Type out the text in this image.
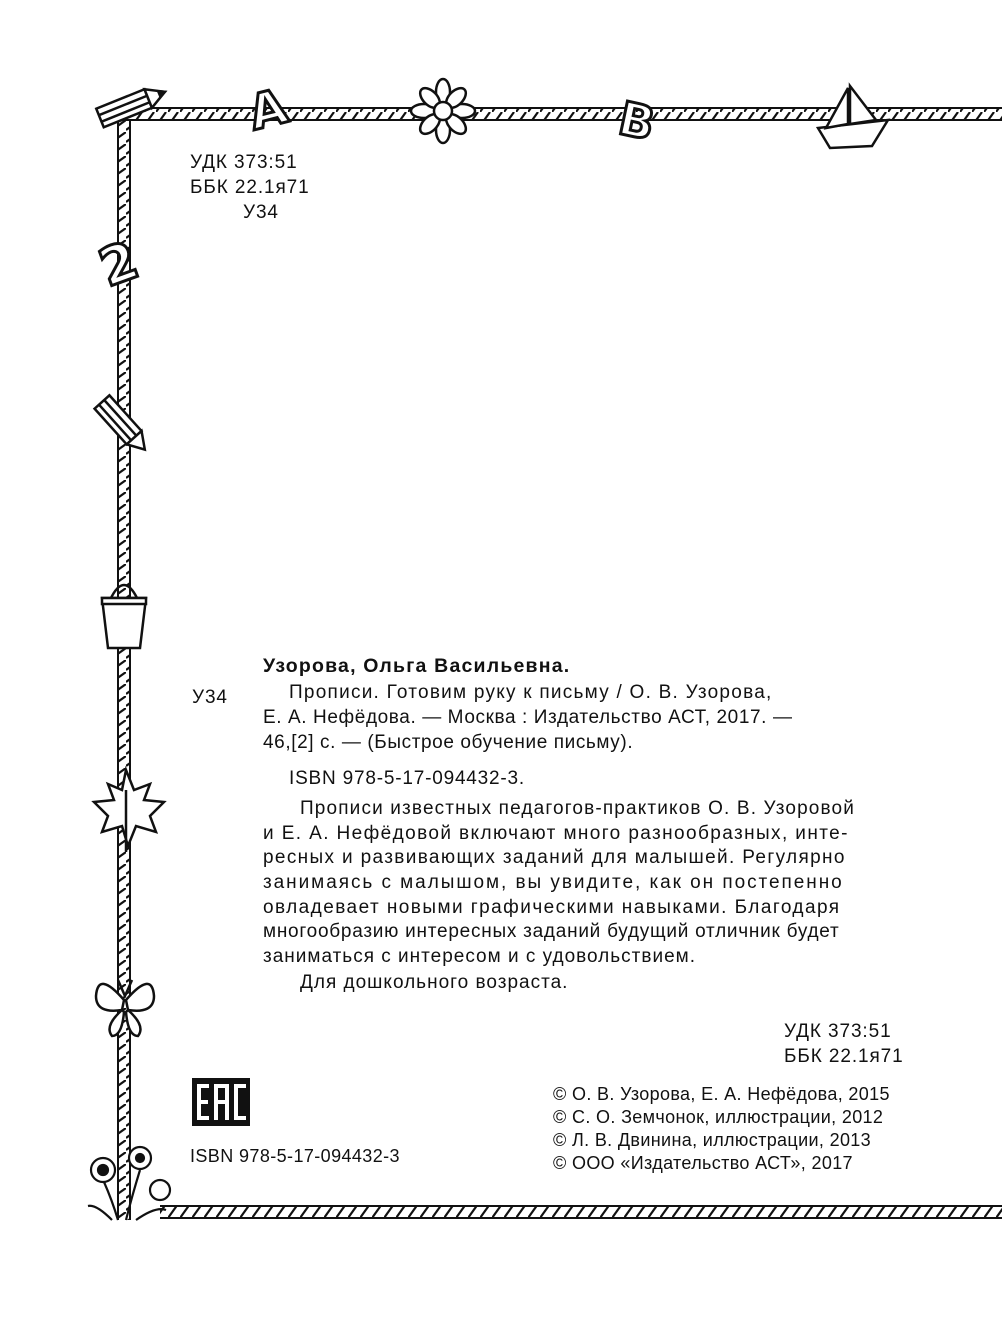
А	В
2
УДК 373:51
ББК 22.1я71
У34
Узорова, Ольга Васильевна.
У34	Прописи. Готовим руку к письму / О. В. Узорова,
Е. А. Нефёдова. — Москва : Издательство АСТ, 2017. —
46,[2] с. — (Быстрое обучение письму).
ISBN 978-5-17-094432-3.
Прописи известных педагогов-практиков О. В. Узоровой
и Е. А. Нефёдовой включают много разнообразных, инте-
ресных и развивающих заданий для малышей. Регулярно
занимаясь с малышом, вы увидите, как он постепенно
овладевает новыми графическими навыками. Благодаря
многообразию интересных заданий будущий отличник будет
заниматься с интересом и с удовольствием.
Для дошкольного возраста.
УДК 373:51
ББК 22.1я71
ISBN 978-5-17-094432-3
© О. В. Узорова, Е. А. Нефёдова, 2015
© С. О. Земчонок, иллюстрации, 2012
© Л. В. Двинина, иллюстрации, 2013
© ООО «Издательство АСТ», 2017
